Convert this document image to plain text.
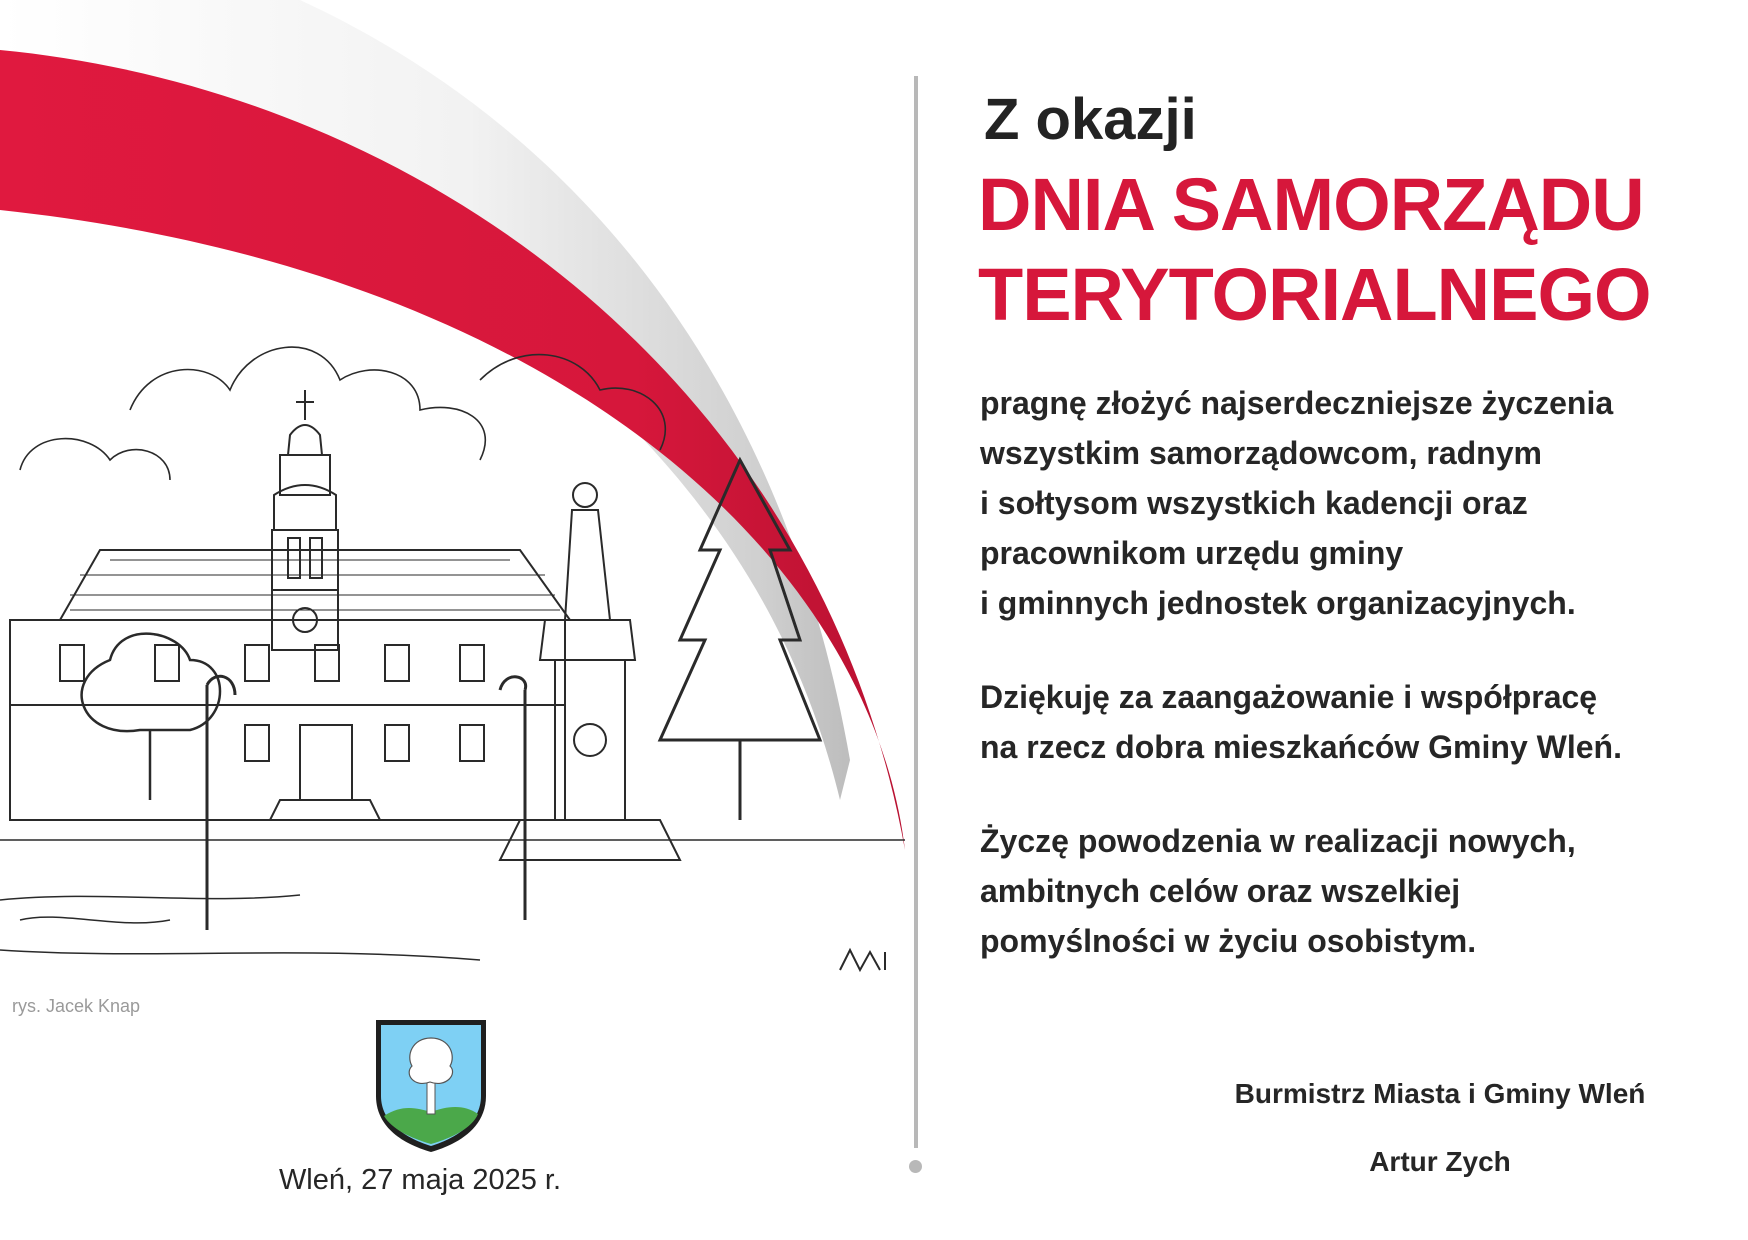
rys. Jacek Knap
Z okazji
DNIA SAMORZĄDU
TERYTORIALNEGO

pragnę złożyć najserdeczniejsze życzenia
wszystkim samorządowcom, radnym
i sołtysom wszystkich kadencji oraz
pracownikom urzędu gminy
i gminnych jednostek organizacyjnych.

Dziękuję za zaangażowanie i współpracę
na rzecz dobra mieszkańców Gminy Wleń.

Życzę powodzenia w realizacji nowych,
ambitnych celów oraz wszelkiej
pomyślności w życiu osobistym.

Burmistrz Miasta i Gminy Wleń
Artur Zych
Wleń, 27 maja 2025 r.
